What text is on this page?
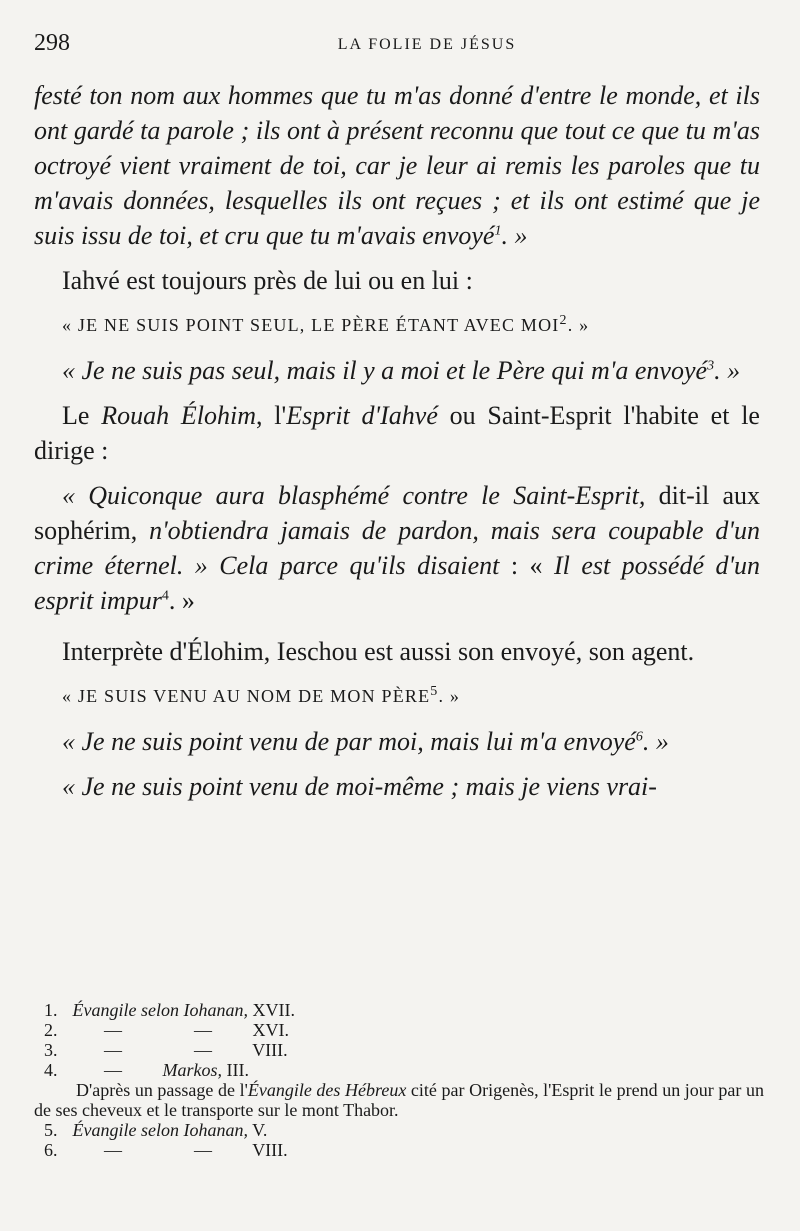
298	LA FOLIE DE JÉSUS

festé ton nom aux hommes que tu m'as donné d'entre le monde, et ils ont gardé ta parole ; ils ont à présent reconnu que tout ce que tu m'as octroyé vient vraiment de toi, car je leur ai remis les paroles que tu m'avais données, lesquelles ils ont reçues ; et ils ont estimé que je suis issu de toi, et cru que tu m'avais envoyé$^1$. »

Iahvé est toujours près de lui ou en lui :

« JE NE SUIS POINT SEUL, LE PÈRE ÉTANT AVEC MOI$^2$. »

« Je ne suis pas seul, mais il y a moi et le Père qui m'a envoyé$^3$. »

Le Rouah Élohim, l'Esprit d'Iahvé ou Saint-Esprit l'habite et le dirige :

« Quiconque aura blasphémé contre le Saint-Esprit, dit-il aux sophérim, n'obtiendra jamais de pardon, mais sera coupable d'un crime éternel. » Cela parce qu'ils disaient : « Il est possédé d'un esprit impur$^4$. »

Interprète d'Élohim, Ieschou est aussi son envoyé, son agent.

« JE SUIS VENU AU NOM DE MON PÈRE$^5$. »

« Je ne suis point venu de par moi, mais lui m'a envoyé$^6$. »

« Je ne suis point venu de moi-même ; mais je viens vrai-

1. Évangile selon Iohanan, XVII.

2.	—	— XVI.

3.	—	— VIII.

4.	— Markos, III.

D'après un passage de l'Évangile des Hébreux cité par Origenès, l'Esprit le prend un jour par un de ses cheveux et le transporte sur le mont Thabor.

5. Évangile selon Iohanan, V.

6.	—	— VIII.
